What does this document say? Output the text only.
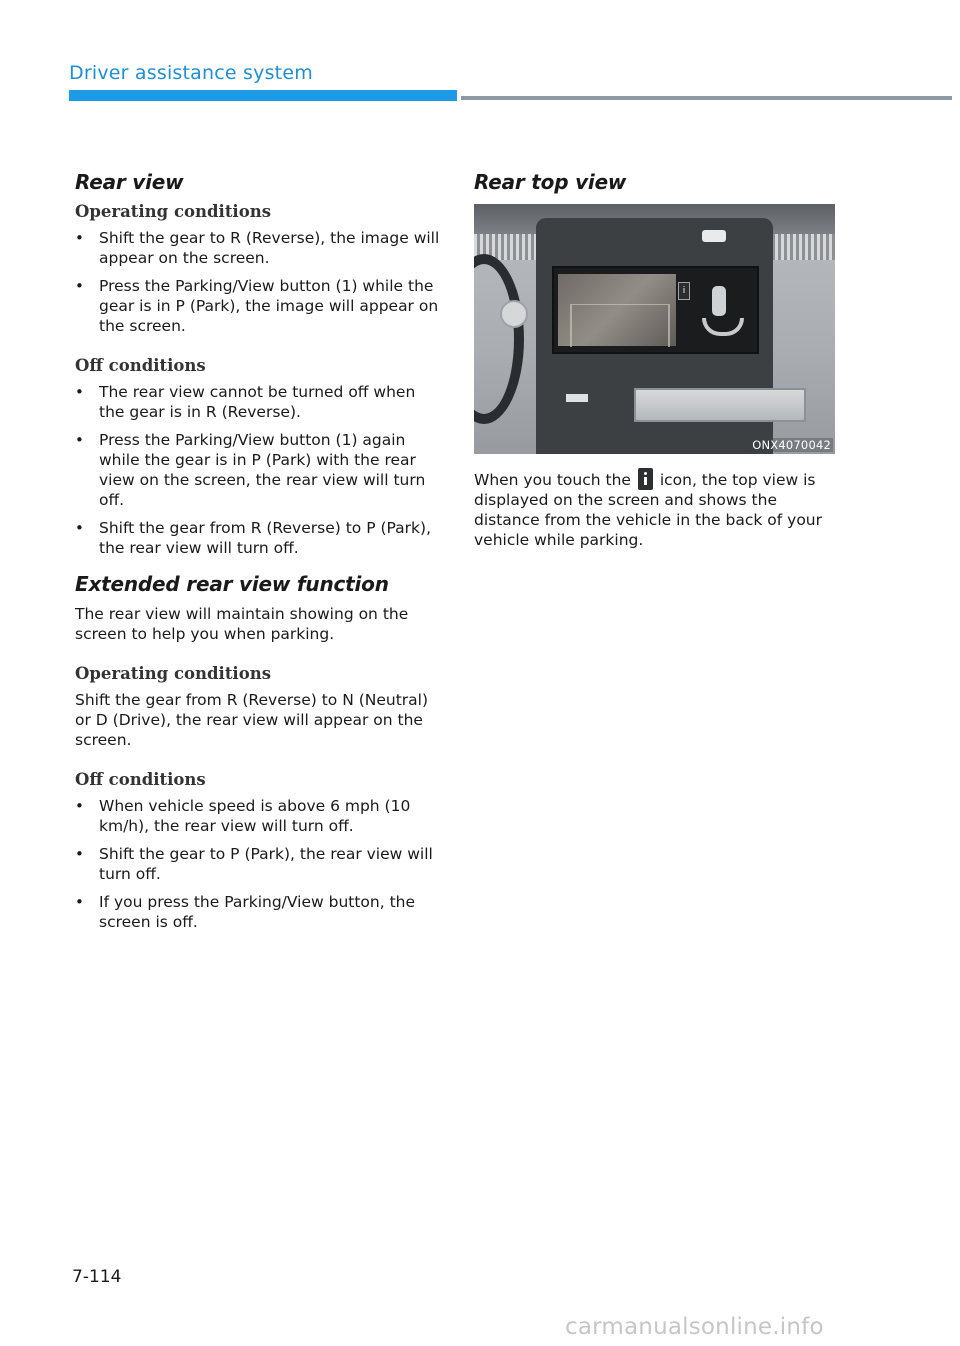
Driver assistance system
Rear view
Operating conditions
• Shift the gear to R (Reverse), the image will appear on the screen.
• Press the Parking/View button (1) while the gear is in P (Park), the image will appear on the screen.
Off conditions
• The rear view cannot be turned off when the gear is in R (Reverse).
• Press the Parking/View button (1) again while the gear is in P (Park) with the rear view on the screen, the rear view will turn off.
• Shift the gear from R (Reverse) to P (Park), the rear view will turn off.
Extended rear view function

The rear view will maintain showing on the screen to help you when parking.

Operating conditions

Shift the gear from R (Reverse) to N (Neutral) or D (Drive), the rear view will appear on the screen.

Off conditions
• When vehicle speed is above 6 mph (10 km/h), the rear view will turn off.
• Shift the gear to P (Park), the rear view will turn off.
• If you press the Parking/View button, the screen is off.
Rear top view
i
ONX4070042

When you touch the icon, the top view is displayed on the screen and shows the distance from the vehicle in the back of your vehicle while parking.

7-114
carmanualsonline.info
